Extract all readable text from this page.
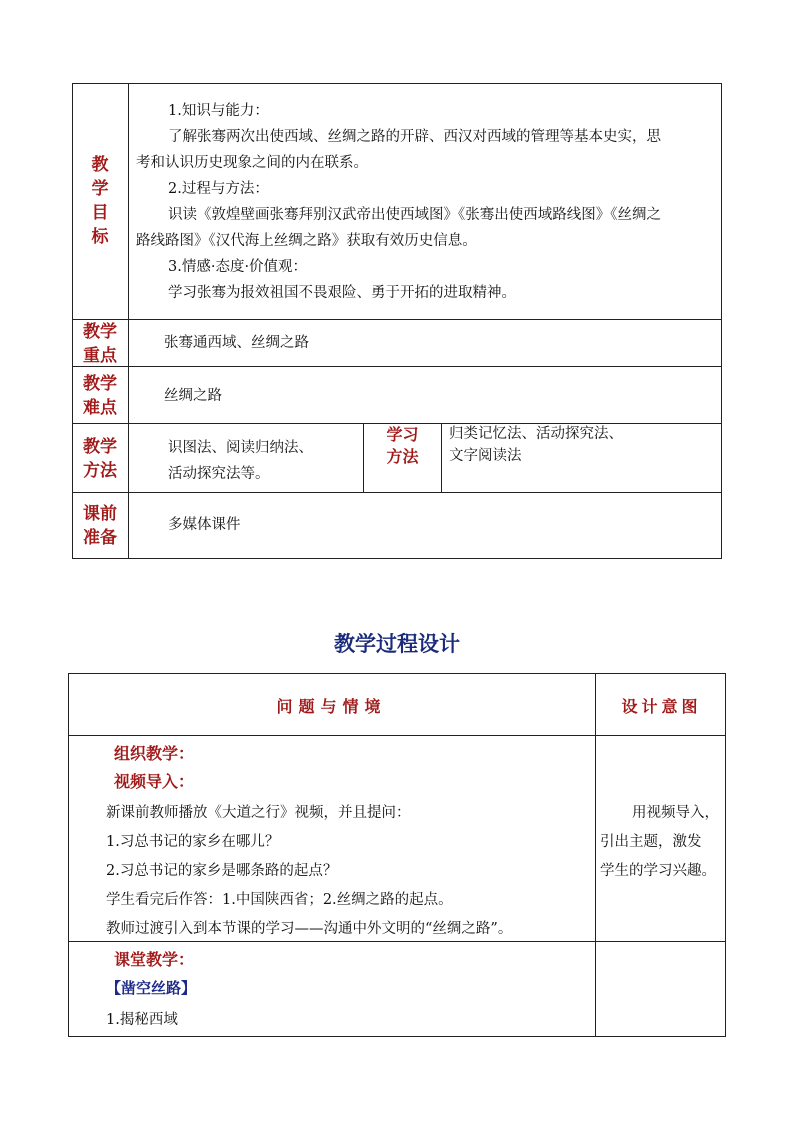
教
学
目
标
1.知识与能力：
了解张骞两次出使西域、丝绸之路的开辟、西汉对西域的管理等基本史实，思
考和认识历史现象之间的内在联系。
2.过程与方法：
识读《敦煌壁画张骞拜别汉武帝出使西域图》《张骞出使西域路线图》《丝绸之
路线路图》《汉代海上丝绸之路》获取有效历史信息。
3.情感·态度·价值观：
学习张骞为报效祖国不畏艰险、勇于开拓的进取精神。
教学
重点
张骞通西域、丝绸之路
教学
难点
丝绸之路
教学
方法
识图法、阅读归纳法、
活动探究法等。
学习
方法
归类记忆法、活动探究法、
文字阅读法
课前
准备
多媒体课件
教学过程设计
问题与情境	设计意图
组织教学：
视频导入：
新课前教师播放《大道之行》视频，并且提问：
1.习总书记的家乡在哪儿？
2.习总书记的家乡是哪条路的起点？
学生看完后作答：1.中国陕西省；2.丝绸之路的起点。
教师过渡引入到本节课的学习——沟通中外文明的“丝绸之路”。
用视频导入，
引出主题，激发
学生的学习兴趣。
课堂教学：
【凿空丝路】
1.揭秘西域
